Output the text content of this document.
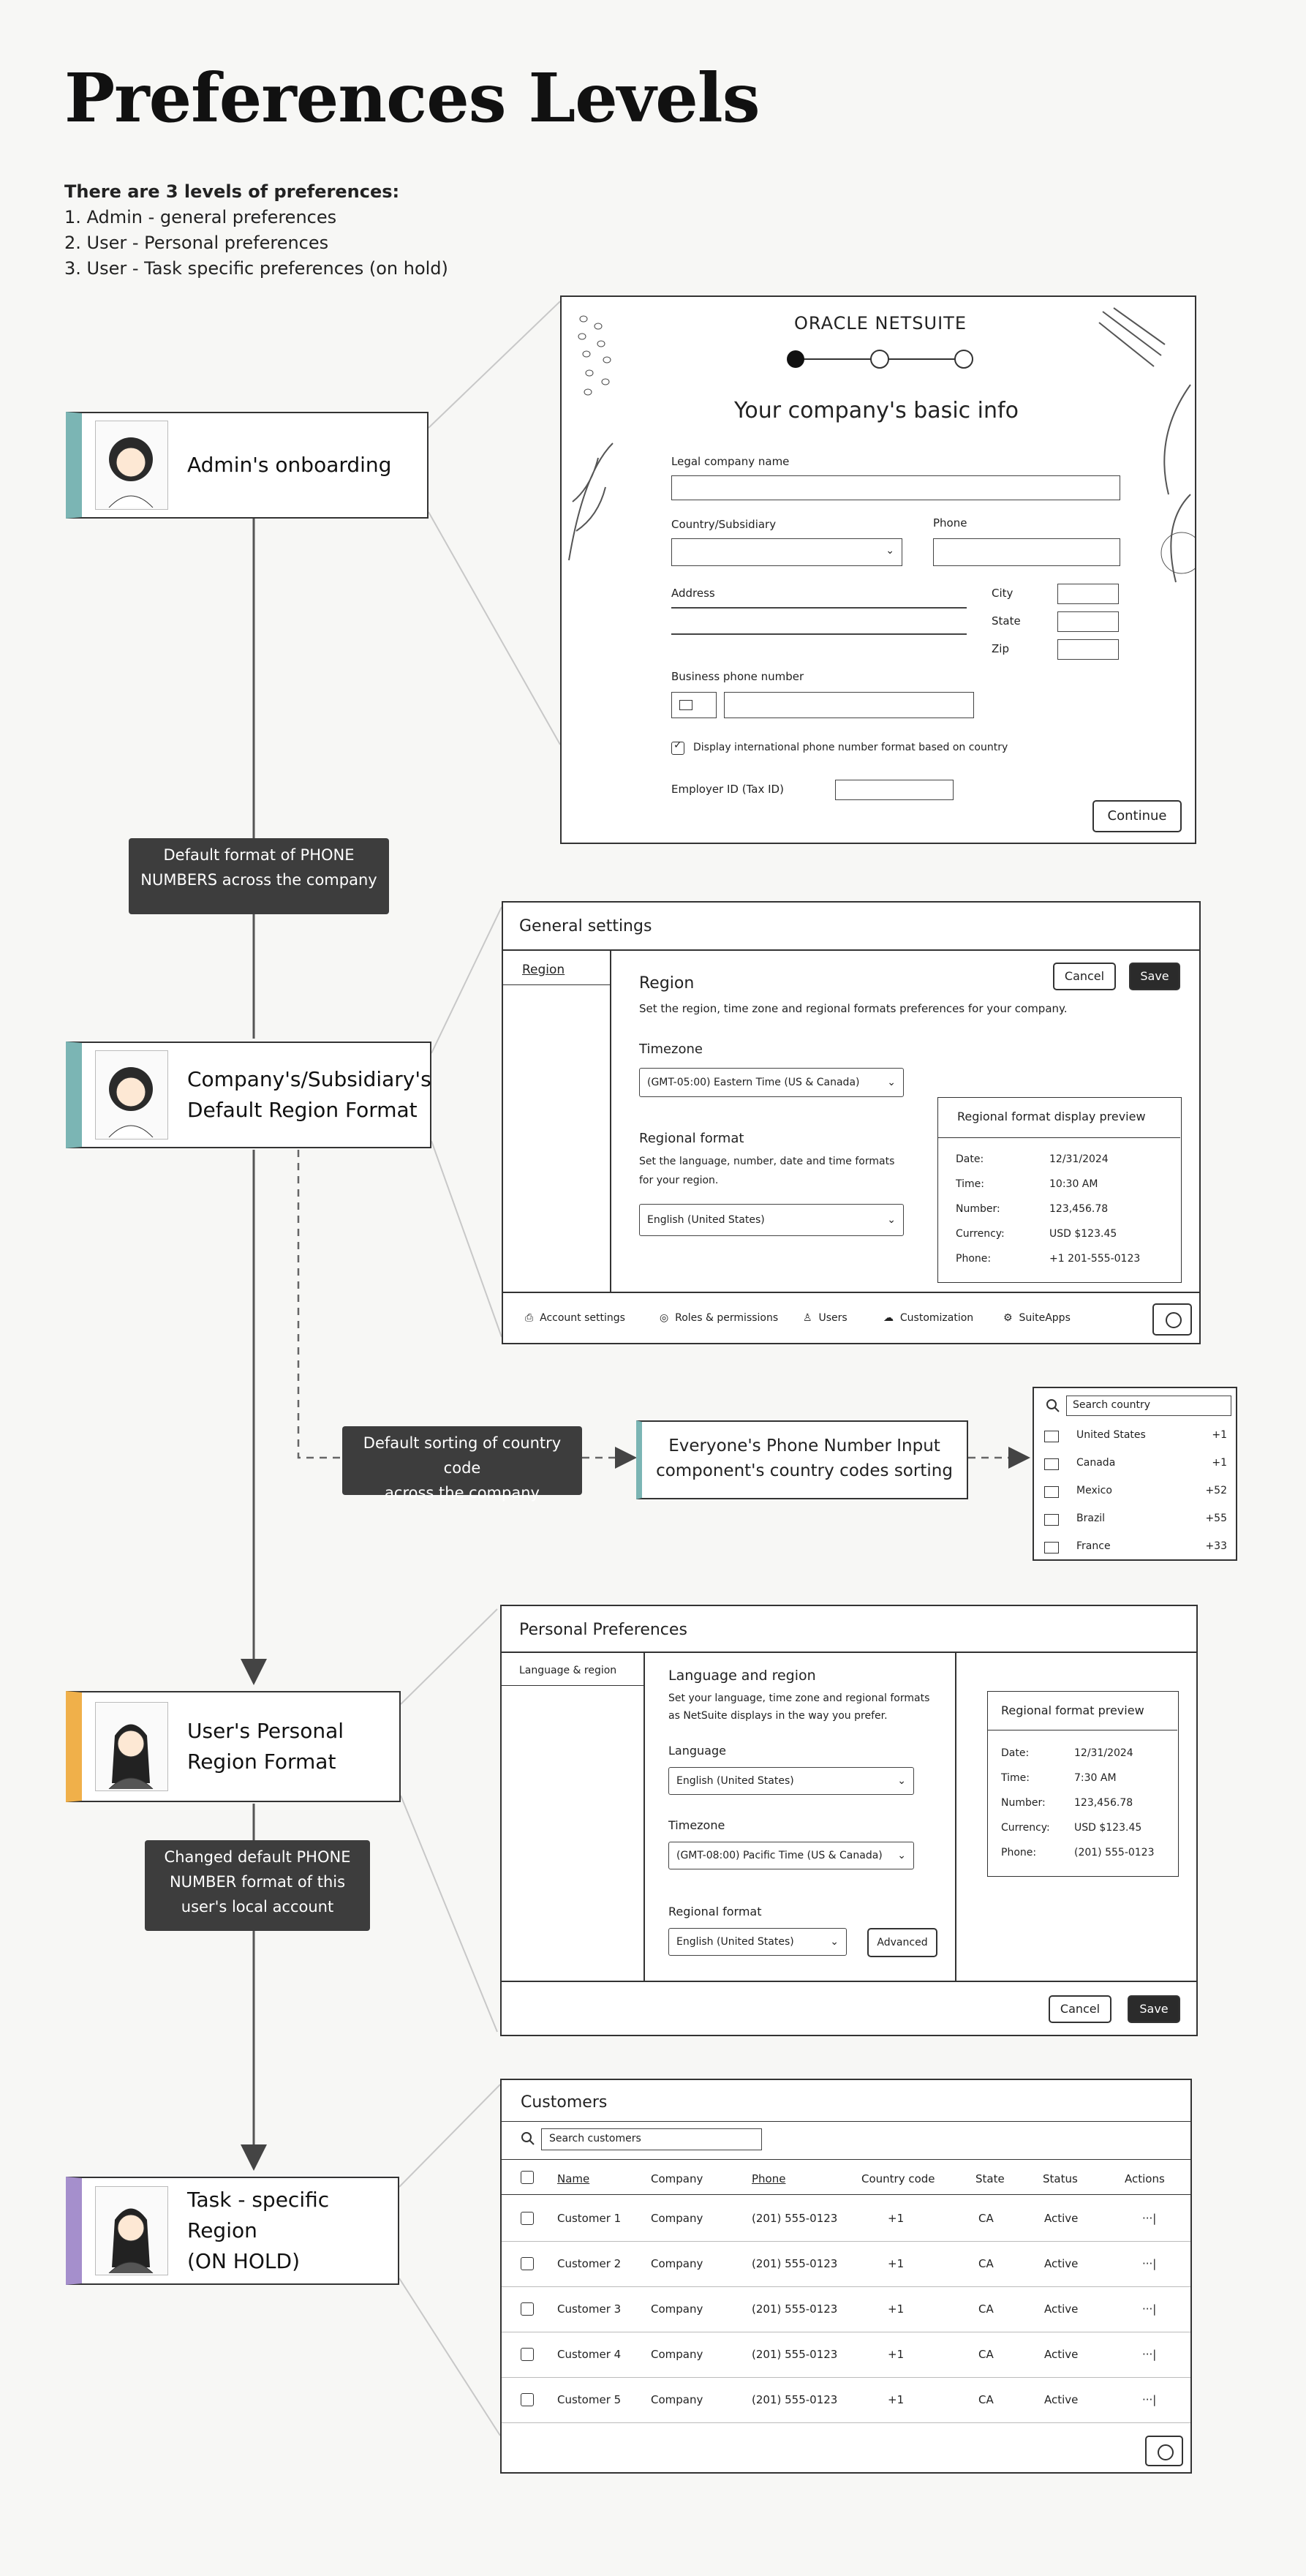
Preferences Levels
There are 3 levels of preferences:
1. Admin - general preferences
2. User - Personal preferences
3. User - Task specific preferences (on hold)
Admin's onboarding
Company's/Subsidiary's
Default Region Format
User's Personal
Region Format
Task - specific Region
(ON HOLD)
Default format of PHONE
NUMBERS across the company
Default sorting of country code
across the company
Changed default PHONE
NUMBER format of this
user's local account
Everyone's Phone Number Input
component's country codes sorting
ORACLE NETSUITE
Your company's basic info
Legal company name
Country/Subsidiary
⌄
Phone
Address	City
State
Zip
Business phone number
✓ Display international phone number format based on country
Employer ID (Tax ID)
Continue
General settings
Region
Region	Cancel	Save
Set the region, time zone and regional formats preferences for your company.
Timezone
(GMT-05:00) Eastern Time (US & Canada)	⌄
Regional format
Set the language, number, date and time formats
for your region.
English (United States)	⌄
Regional format display preview
Date:	12/31/2024
Time:	10:30 AM
Number:	123,456.78
Currency:	USD $123.45
Phone:	+1 201-555-0123
⎙ Account settings	◎ Roles & permissions ♙ Users	☁ Customization	⚙ SuiteApps
Search country
United States	+1
Canada	+1
Mexico	+52
Brazil	+55
France	+33
Personal Preferences
Language & region	Language and region
Set your language, time zone and regional formats
as NetSuite displays in the way you prefer.
Language
English (United States)	⌄
Timezone
(GMT-08:00) Pacific Time (US & Canada) ⌄
Regional format
English (United States)	⌄	Advanced
Regional format preview
Date:	12/31/2024
Time:	7:30 AM
Number:	123,456.78
Currency: USD $123.45
Phone:	(201) 555-0123
Cancel	Save
Customers
Search customers
Name	Company	Phone	Country code	State	Status	Actions
Customer 1	Company	(201) 555-0123	+1	CA	Active	···|
Customer 2	Company	(201) 555-0123	+1	CA	Active	···|
Customer 3	Company	(201) 555-0123	+1	CA	Active	···|
Customer 4	Company	(201) 555-0123	+1	CA	Active	···|
Customer 5	Company	(201) 555-0123	+1	CA	Active	···|
